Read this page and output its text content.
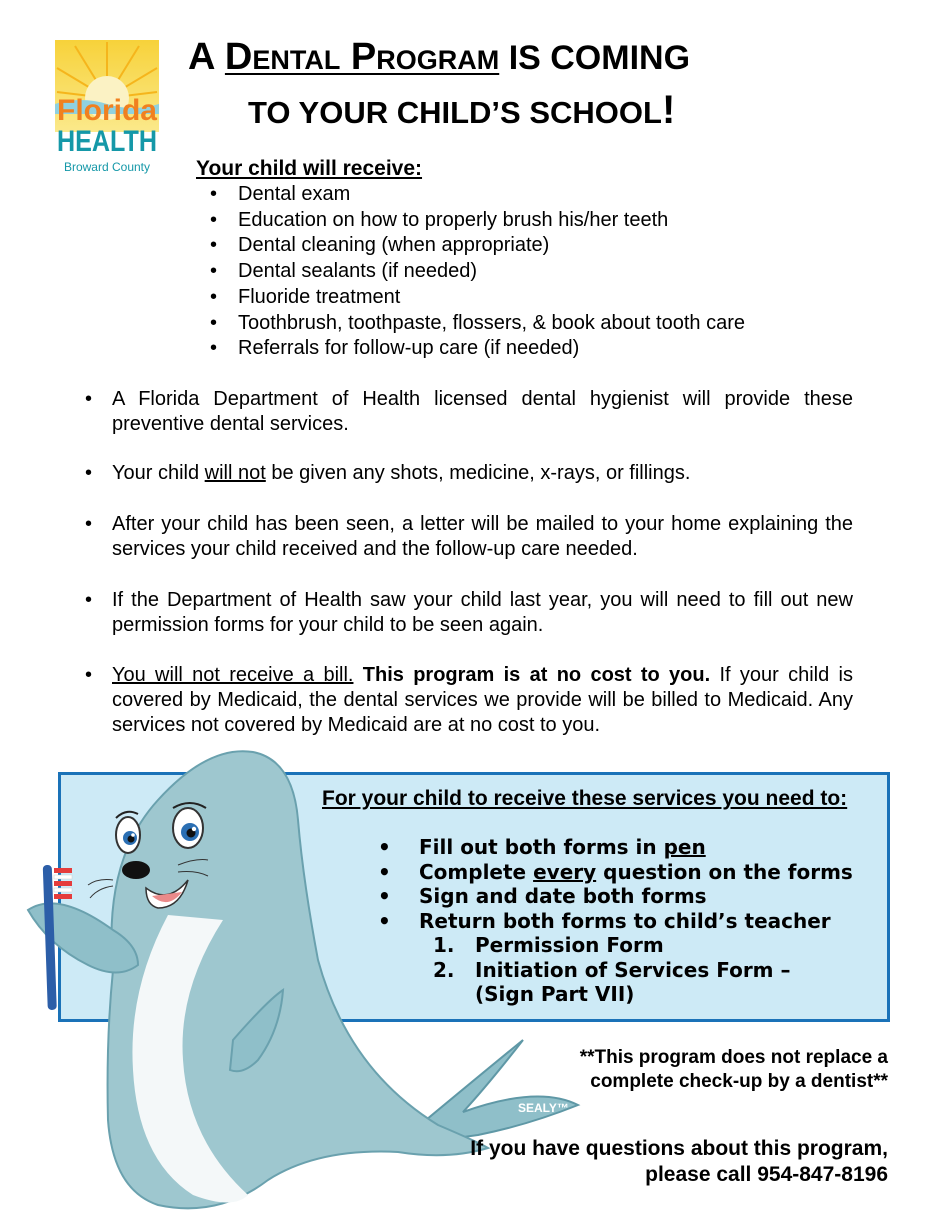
Florida
HEALTH
Broward County
A Dental Program IS COMING
TO YOUR CHILD’S SCHOOL!
Your child will receive:
• Dental exam
• Education on how to properly brush his/her teeth
• Dental cleaning (when appropriate)
• Dental sealants (if needed)
• Fluoride treatment
• Toothbrush, toothpaste, flossers, & book about tooth care
• Referrals for follow-up care (if needed)
• A Florida Department of Health licensed dental hygienist will provide these preventive dental services.
• Your child will not be given any shots, medicine, x-rays, or fillings.
• After your child has been seen, a letter will be mailed to your home explaining the services your child received and the follow-up care needed.
• If the Department of Health saw your child last year, you will need to fill out new permission forms for your child to be seen again.
• You will not receive a bill. This program is at no cost to you. If your child is covered by Medicaid, the dental services we provide will be billed to Medicaid. Any services not covered by Medicaid are at no cost to you.
For your child to receive these services you need to:
• Fill out both forms in pen
• Complete every question on the forms
• Sign and date both forms
• Return both forms to child’s teacher
1. Permission Form
2. Initiation of Services Form –
(Sign Part VII)
SEALY™
**This program does not replace a
complete check-up by a dentist**
If you have questions about this program,
please call 954-847-8196
